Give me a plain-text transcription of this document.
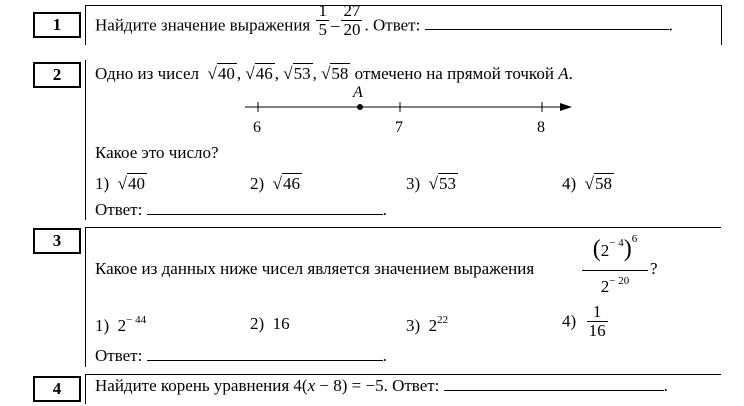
1	Найдите значение выражения $\frac{1}{5} - \frac{27}{20}$ . Ответ:	.
2	Одно из чисел √40 , √46 , √53 , √58 отмечено на прямой точкой A.
A
6	7	8
Какое это число?
1) √40	2) √46	3) √53	4) √58
Ответ:	.
3
Какое из данных ниже чисел является значением выражения $\frac{(2^{- 4})^6}{2^{- 20}}$ ?
1) $2^{- 44}$	2) 16	3) $2^{22}$	$4) \frac{1}{16}$
Ответ:	.
4	Найдите корень уравнения 4(x − 8) = −5. Ответ:	.
